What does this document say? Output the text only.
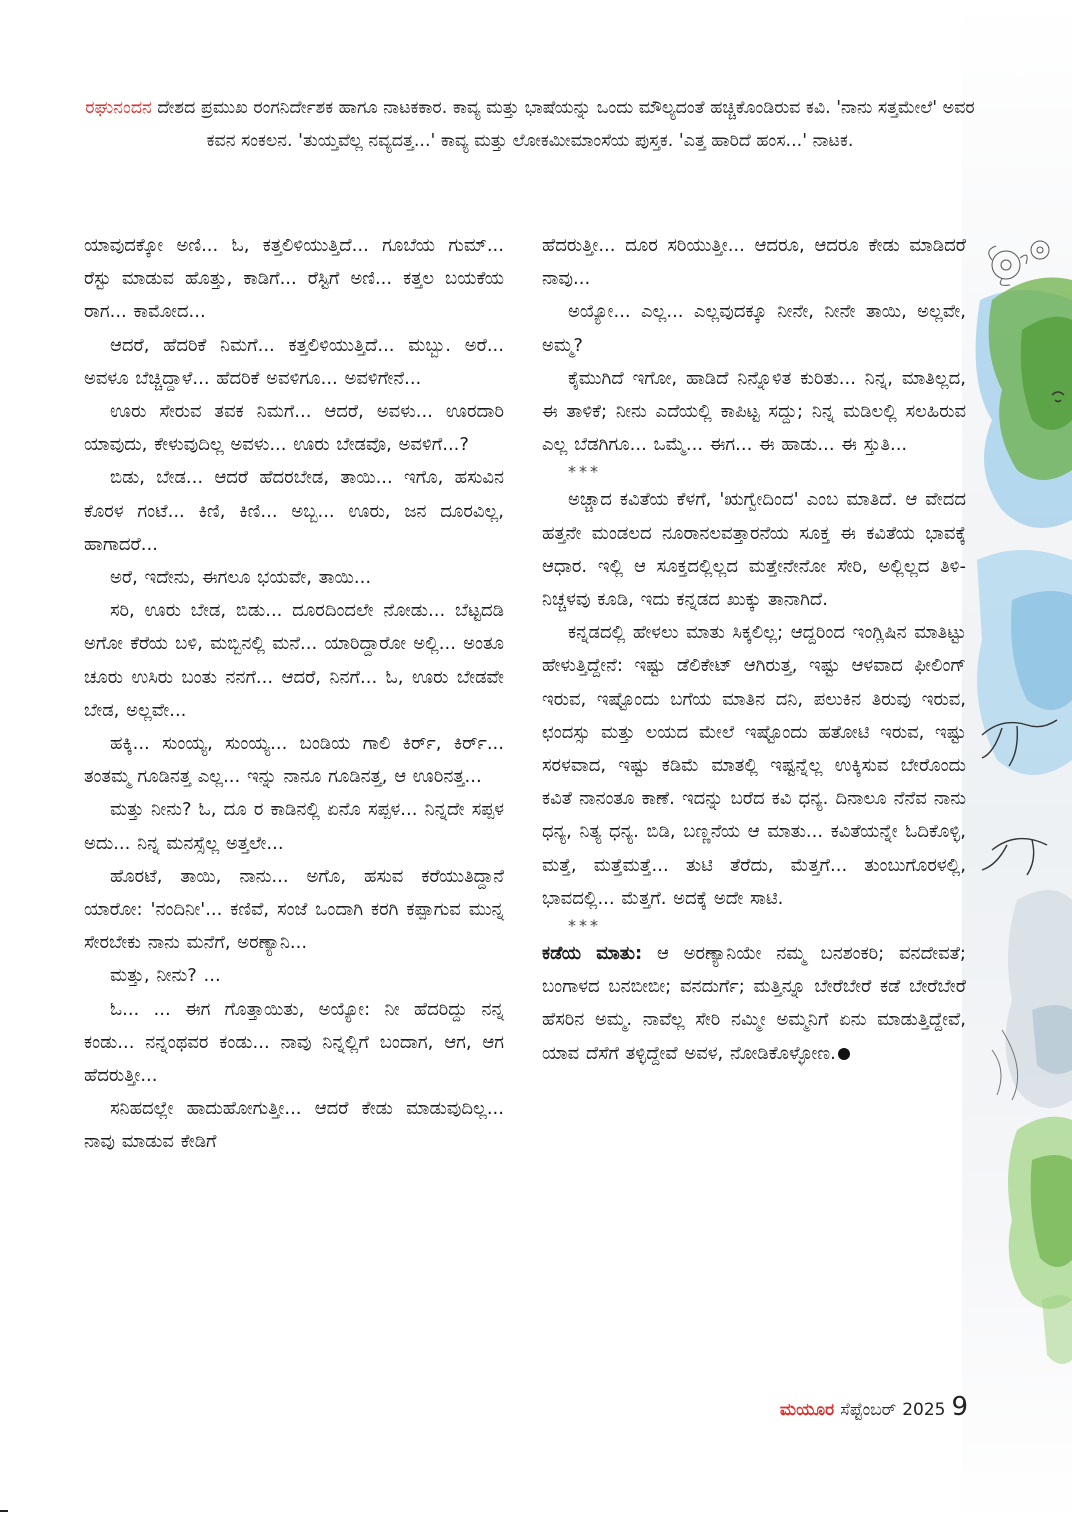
ರಘುನಂದನ ದೇಶದ ಪ್ರಮುಖ ರಂಗನಿರ್ದೇಶಕ ಹಾಗೂ ನಾಟಕಕಾರ. ಕಾವ್ಯ ಮತ್ತು ಭಾಷೆಯನ್ನು ಒಂದು ಮೌಲ್ಯದಂತೆ ಹಚ್ಚಿಕೊಂಡಿರುವ ಕವಿ. 'ನಾನು ಸತ್ತಮೇಲೆ' ಅವರ ಕವನ ಸಂಕಲನ. 'ತುಯ್ತವೆಲ್ಲ ನವ್ಯದತ್ತ...' ಕಾವ್ಯ ಮತ್ತು ಲೋಕಮೀಮಾಂಸೆಯ ಪುಸ್ತಕ. 'ಎತ್ತ ಹಾರಿದೆ ಹಂಸ...' ನಾಟಕ.

ಯಾವುದಕ್ಕೋ ಅಣಿ... ಓ, ಕತ್ತಲಿಳಿಯುತ್ತಿದೆ... ಗೂಬೆಯ ಗುಮ್... ರೆಸ್ಟು ಮಾಡುವ ಹೊತ್ತು, ಕಾಡಿಗೆ... ರೆಸ್ಟಿಗೆ ಅಣಿ... ಕತ್ತಲ ಬಯಕೆಯ ರಾಗ... ಕಾಮೋದ...

ಆದರೆ, ಹೆದರಿಕೆ ನಿಮಗೆ... ಕತ್ತಲಿಳಿಯುತ್ತಿದೆ... ಮಬ್ಬು. ಅರೆ... ಅವಳೂ ಬೆಚ್ಚಿದ್ದಾಳೆ... ಹೆದರಿಕೆ ಅವಳಿಗೂ... ಅವಳಿಗೇನೆ...

ಊರು ಸೇರುವ ತವಕ ನಿಮಗೆ... ಆದರೆ, ಅವಳು... ಊರದಾರಿ ಯಾವುದು, ಕೇಳುವುದಿಲ್ಲ ಅವಳು... ಊರು ಬೇಡವೊ, ಅವಳಿಗೆ...?

ಬಿಡು, ಬೇಡ... ಆದರೆ ಹೆದರಬೇಡ, ತಾಯಿ... ಇಗೊ, ಹಸುವಿನ ಕೊರಳ ಗಂಟೆ... ಕಿಣಿ, ಕಿಣಿ... ಅಬ್ಬ... ಊರು, ಜನ ದೂರವಿಲ್ಲ, ಹಾಗಾದರೆ...

ಅರೆ, ಇದೇನು, ಈಗಲೂ ಭಯವೇ, ತಾಯಿ...

ಸರಿ, ಊರು ಬೇಡ, ಬಿಡು... ದೂರದಿಂದಲೇ ನೋಡು... ಬೆಟ್ಟದಡಿ ಅಗೋ ಕೆರೆಯ ಬಳಿ, ಮಬ್ಬಿನಲ್ಲಿ ಮನೆ... ಯಾರಿದ್ದಾರೋ ಅಲ್ಲಿ... ಅಂತೂ ಚೂರು ಉಸಿರು ಬಂತು ನನಗೆ... ಆದರೆ, ನಿನಗೆ... ಓ, ಊರು ಬೇಡವೇ ಬೇಡ, ಅಲ್ಲವೇ...

ಹಕ್ಕಿ... ಸುಂಯ್ಯ, ಸುಂಯ್ಯ... ಬಂಡಿಯ ಗಾಲಿ ಕಿರ್ರ್, ಕಿರ್ರ್... ತಂತಮ್ಮ ಗೂಡಿನತ್ತ ಎಲ್ಲ... ಇನ್ನು ನಾನೂ ಗೂಡಿನತ್ತ, ಆ ಊರಿನತ್ತ...

ಮತ್ತು ನೀನು? ಓ, ದೂ ರ ಕಾಡಿನಲ್ಲಿ ಏನೊ ಸಪ್ಪಳ... ನಿನ್ನದೇ ಸಪ್ಪಳ ಅದು... ನಿನ್ನ ಮನಸ್ಸೆಲ್ಲ ಅತ್ತಲೇ...

ಹೊರಟೆ, ತಾಯಿ, ನಾನು... ಅಗೊ, ಹಸುವ ಕರೆಯುತಿದ್ದಾನೆ ಯಾರೋ: 'ನಂದಿನೀ'... ಕಣಿವೆ, ಸಂಜೆ ಒಂದಾಗಿ ಕರಗಿ ಕಪ್ಪಾಗುವ ಮುನ್ನ ಸೇರಬೇಕು ನಾನು ಮನೆಗೆ, ಅರಣ್ಯಾನಿ...

ಮತ್ತು, ನೀನು? ...

ಓ... ... ಈಗ ಗೊತ್ತಾಯಿತು, ಅಯ್ಯೋ: ನೀ ಹೆದರಿದ್ದು ನನ್ನ ಕಂಡು... ನನ್ನಂಥವರ ಕಂಡು... ನಾವು ನಿನ್ನಲ್ಲಿಗೆ ಬಂದಾಗ, ಆಗ, ಆಗ ಹೆದರುತ್ತೀ...

ಸನಿಹದಲ್ಲೇ ಹಾದುಹೋಗುತ್ತೀ... ಆದರೆ ಕೇಡು ಮಾಡುವುದಿಲ್ಲ... ನಾವು ಮಾಡುವ ಕೇಡಿಗೆ

ಹೆದರುತ್ತೀ... ದೂರ ಸರಿಯುತ್ತೀ... ಆದರೂ, ಆದರೂ ಕೇಡು ಮಾಡಿದರೆ ನಾವು...

ಅಯ್ಯೋ... ಎಲ್ಲ... ಎಲ್ಲವುದಕ್ಕೂ ನೀನೇ, ನೀನೇ ತಾಯಿ, ಅಲ್ಲವೇ, ಅಮ್ಮ?

ಕೈಮುಗಿದೆ ಇಗೋ, ಹಾಡಿದೆ ನಿನ್ನೊಳಿತ ಕುರಿತು... ನಿನ್ನ, ಮಾತಿಲ್ಲದ, ಈ ತಾಳಿಕೆ; ನೀನು ಎದೆಯಲ್ಲಿ ಕಾಪಿಟ್ಟ ಸದ್ದು; ನಿನ್ನ ಮಡಿಲಲ್ಲಿ ಸಲಹಿರುವ ಎಲ್ಲ ಬೆಡಗಿಗೂ... ಒಮ್ಮೆ... ಈಗ... ಈ ಹಾಡು... ಈ ಸ್ತುತಿ...

***

ಅಚ್ಚಾದ ಕವಿತೆಯ ಕೆಳಗೆ, 'ಋಗ್ವೇದಿಂದ' ಎಂಬ ಮಾತಿದೆ. ಆ ವೇದದ ಹತ್ತನೇ ಮಂಡಲದ ನೂರಾನಲವತ್ತಾರನೆಯ ಸೂಕ್ತ ಈ ಕವಿತೆಯ ಭಾವಕ್ಕೆ ಆಧಾರ. ಇಲ್ಲಿ ಆ ಸೂಕ್ತದಲ್ಲಿಲ್ಲದ ಮತ್ತೇನೇನೋ ಸೇರಿ, ಅಲ್ಲಿಲ್ಲದ ತಿಳಿ-ನಿಚ್ಚಳವು ಕೂಡಿ, ಇದು ಕನ್ನಡದ ಖುಕ್ಕು ತಾನಾಗಿದೆ.

ಕನ್ನಡದಲ್ಲಿ ಹೇಳಲು ಮಾತು ಸಿಕ್ಕಲಿಲ್ಲ; ಆದ್ದರಿಂದ ಇಂಗ್ಲಿಷಿನ ಮಾತಿಟ್ಟು ಹೇಳುತ್ತಿದ್ದೇನೆ: ಇಷ್ಟು ಡೆಲಿಕೇಟ್ ಆಗಿರುತ್ತ, ಇಷ್ಟು ಆಳವಾದ ಫೀಲಿಂಗ್ ಇರುವ, ಇಷ್ಟೊಂದು ಬಗೆಯ ಮಾತಿನ ದನಿ, ಪಲುಕಿನ ತಿರುವು ಇರುವ, ಛಂದಸ್ಸು ಮತ್ತು ಲಯದ ಮೇಲೆ ಇಷ್ಟೊಂದು ಹತೋಟಿ ಇರುವ, ಇಷ್ಟು ಸರಳವಾದ, ಇಷ್ಟು ಕಡಿಮೆ ಮಾತಲ್ಲಿ ಇಷ್ಟನ್ನೆಲ್ಲ ಉಕ್ಕಿಸುವ ಬೇರೊಂದು ಕವಿತೆ ನಾನಂತೂ ಕಾಣೆ. ಇದನ್ನು ಬರೆದ ಕವಿ ಧನ್ಯ. ದಿನಾಲೂ ನೆನೆವ ನಾನು ಧನ್ಯ, ನಿತ್ಯ ಧನ್ಯ. ಬಿಡಿ, ಬಣ್ಣನೆಯ ಆ ಮಾತು... ಕವಿತೆಯನ್ನೇ ಓದಿಕೊಳ್ಳಿ, ಮತ್ತೆ, ಮತ್ತೆಮತ್ತೆ... ತುಟಿ ತೆರೆದು, ಮೆತ್ತಗೆ... ತುಂಬುಗೊರಳಲ್ಲಿ, ಭಾವದಲ್ಲಿ... ಮೆತ್ತಗೆ. ಅದಕ್ಕೆ ಅದೇ ಸಾಟಿ.

***

ಕಡೆಯ ಮಾತು: ಆ ಅರಣ್ಯಾನಿಯೇ ನಮ್ಮ ಬನಶಂಕರಿ; ವನದೇವತೆ; ಬಂಗಾಳದ ಬನಬೀಬೀ; ವನದುರ್ಗೆ; ಮತ್ತಿನ್ನೂ ಬೇರೆಬೇರೆ ಕಡೆ ಬೇರೆಬೇರೆ ಹೆಸರಿನ ಅಮ್ಮ. ನಾವೆಲ್ಲ ಸೇರಿ ನಮ್ಮೀ ಅಮ್ಮನಿಗೆ ಏನು ಮಾಡುತ್ತಿದ್ದೇವೆ, ಯಾವ ದೆಸೆಗೆ ತಳ್ಳಿದ್ದೇವೆ ಅವಳ, ನೋಡಿಕೊಳ್ಳೋಣ.

ಮಯೂರ ಸೆಪ್ಟೆಂಬರ್ 2025 9
